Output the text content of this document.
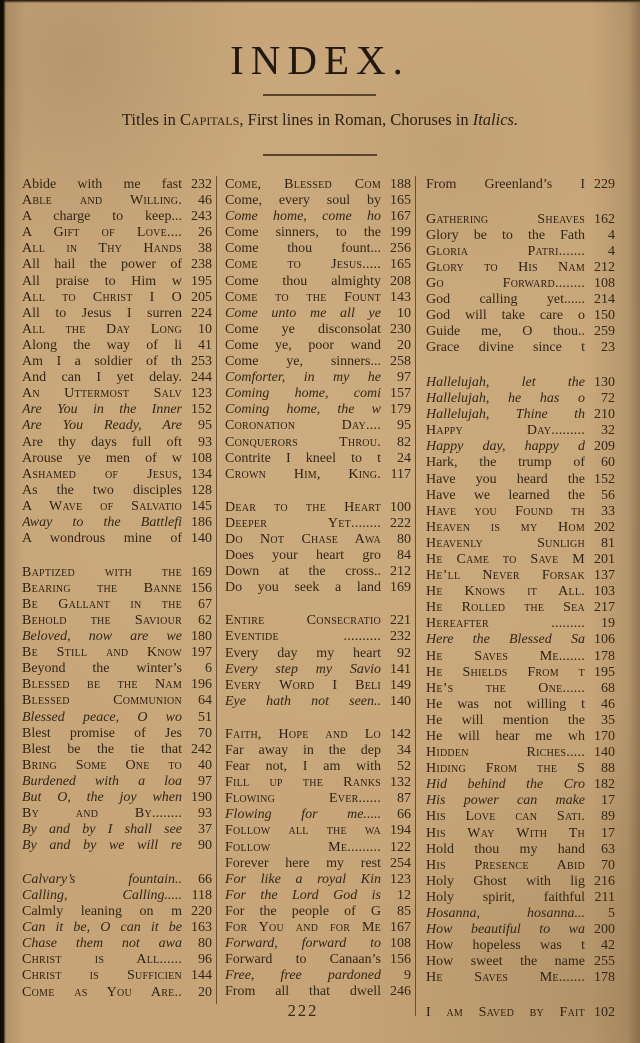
INDEX.

Titles in Capitals, First lines in Roman, Choruses in Italics.

Abide with me fast 232
Able and Willing.	46
A charge to keep... 243
A Gift of Love....	26
All in Thy Hands	38
All hail the power of 238
All praise to Him w 195
All to Christ I O 205
All to Jesus I surren 224
All the Day Long	10
Along the way of li	41
Am I a soldier of th 253
And can I yet delay. 244
An Uttermost Salv 123
Are You in the Inner 152
Are You Ready, Are	95
Are thy days full oft	93
Arouse ye men of w 108
Ashamed of Jesus, 134
As the two disciples 128
A Wave of Salvatio 145
Away to the Battlefi 186
A wondrous mine of 140
Baptized with the 169
Bearing the Banne 156
Be Gallant in the	67
Behold the Saviour	62
Beloved, now are we 180
Be Still and Know 197
Beyond the winter’s	6
Blessed be the Nam 196
Blessed Communion	64
Blessed peace, O wo	51
Blest promise of Jes	70
Blest be the tie that 242
Bring Some One to	40
Burdened with a loa	97
But O, the joy when 190
By and By........	93
By and by I shall see	37
By and by we will re	90
Calvary’s fountain..	66
Calling, Calling..... 118
Calmly leaning on m 220
Can it be, O can it be 163
Chase them not awa	80
Christ is All......	96
Christ is Sufficien 144
Come as You Are..	20
Come, Blessed Com 188
Come, every soul by 165
Come home, come ho 167
Come sinners, to the 199
Come thou fount... 256
Come to Jesus..... 165
Come thou almighty 208
Come to the Fount 143
Come unto me all ye	10
Come ye disconsolat 230
Come ye, poor wand	20
Come ye, sinners... 258
Comforter, in my he	97
Coming home, comi 157
Coming home, the w 179
Coronation Day....	95
Conquerors Throu.	82
Contrite I kneel to t	24
Crown Him, King. 117
Dear to the Heart 100
Deeper Yet........ 222
Do Not Chase Awa	80
Does your heart gro	84
Down at the cross.. 212
Do you seek a land 169
Entire Consecratio 221
Eventide .......... 232
Every day my heart	92
Every step my Savio 141
Every Word I Beli 149
Eye hath not seen.. 140
Faith, Hope and Lo 142
Far away in the dep	34
Fear not, I am with	52
Fill up the Ranks 132
Flowing Ever......	87
Flowing for me.....	66
Follow all the wa 194
Follow Me......... 122
Forever here my rest 254
For like a royal Kin 123
For the Lord God is	12
For the people of G	85
For You and for Me 167
Forward, forward to 108
Forward to Canaan’s 156
Free, free pardoned	9
From all that dwell 246
From Greenland’s I 229
Gathering Sheaves 162
Glory be to the Fath	4
Gloria Patri.......	4
Glory to His Nam 212
Go Forward........ 108
God calling yet...... 214
God will take care o 150
Guide me, O thou.. 259
Grace divine since t	23
Hallelujah, let the 130
Hallelujah, he has o	72
Hallelujah, Thine th 210
Happy Day.........	32
Happy day, happy d 209
Hark, the trump of	60
Have you heard the 152
Have we learned the	56
Have you Found th	33
Heaven is my Hom 202
Heavenly Sunligh	81
He Came to Save M 201
He’ll Never Forsak 137
He Knows it All. 103
He Rolled the Sea 217
Hereafter .........	19
Here the Blessed Sa 106
He Saves Me....... 178
He Shields From t 195
He’s the One......	68
He was not willing t	46
He will mention the	35
He will hear me wh 170
Hidden Riches..... 140
Hiding From the S	88
Hid behind the Cro 182
His power can make	17
His Love can Sati.	89
His Way With Th	17
Hold thou my hand	63
His Presence Abid	70
Holy Ghost with lig 216
Holy spirit, faithful 211
Hosanna, hosanna...	5
How beautiful to wa 200
How hopeless was t	42
How sweet the name 255
He Saves Me....... 178
I am Saved by Fait 102
222
